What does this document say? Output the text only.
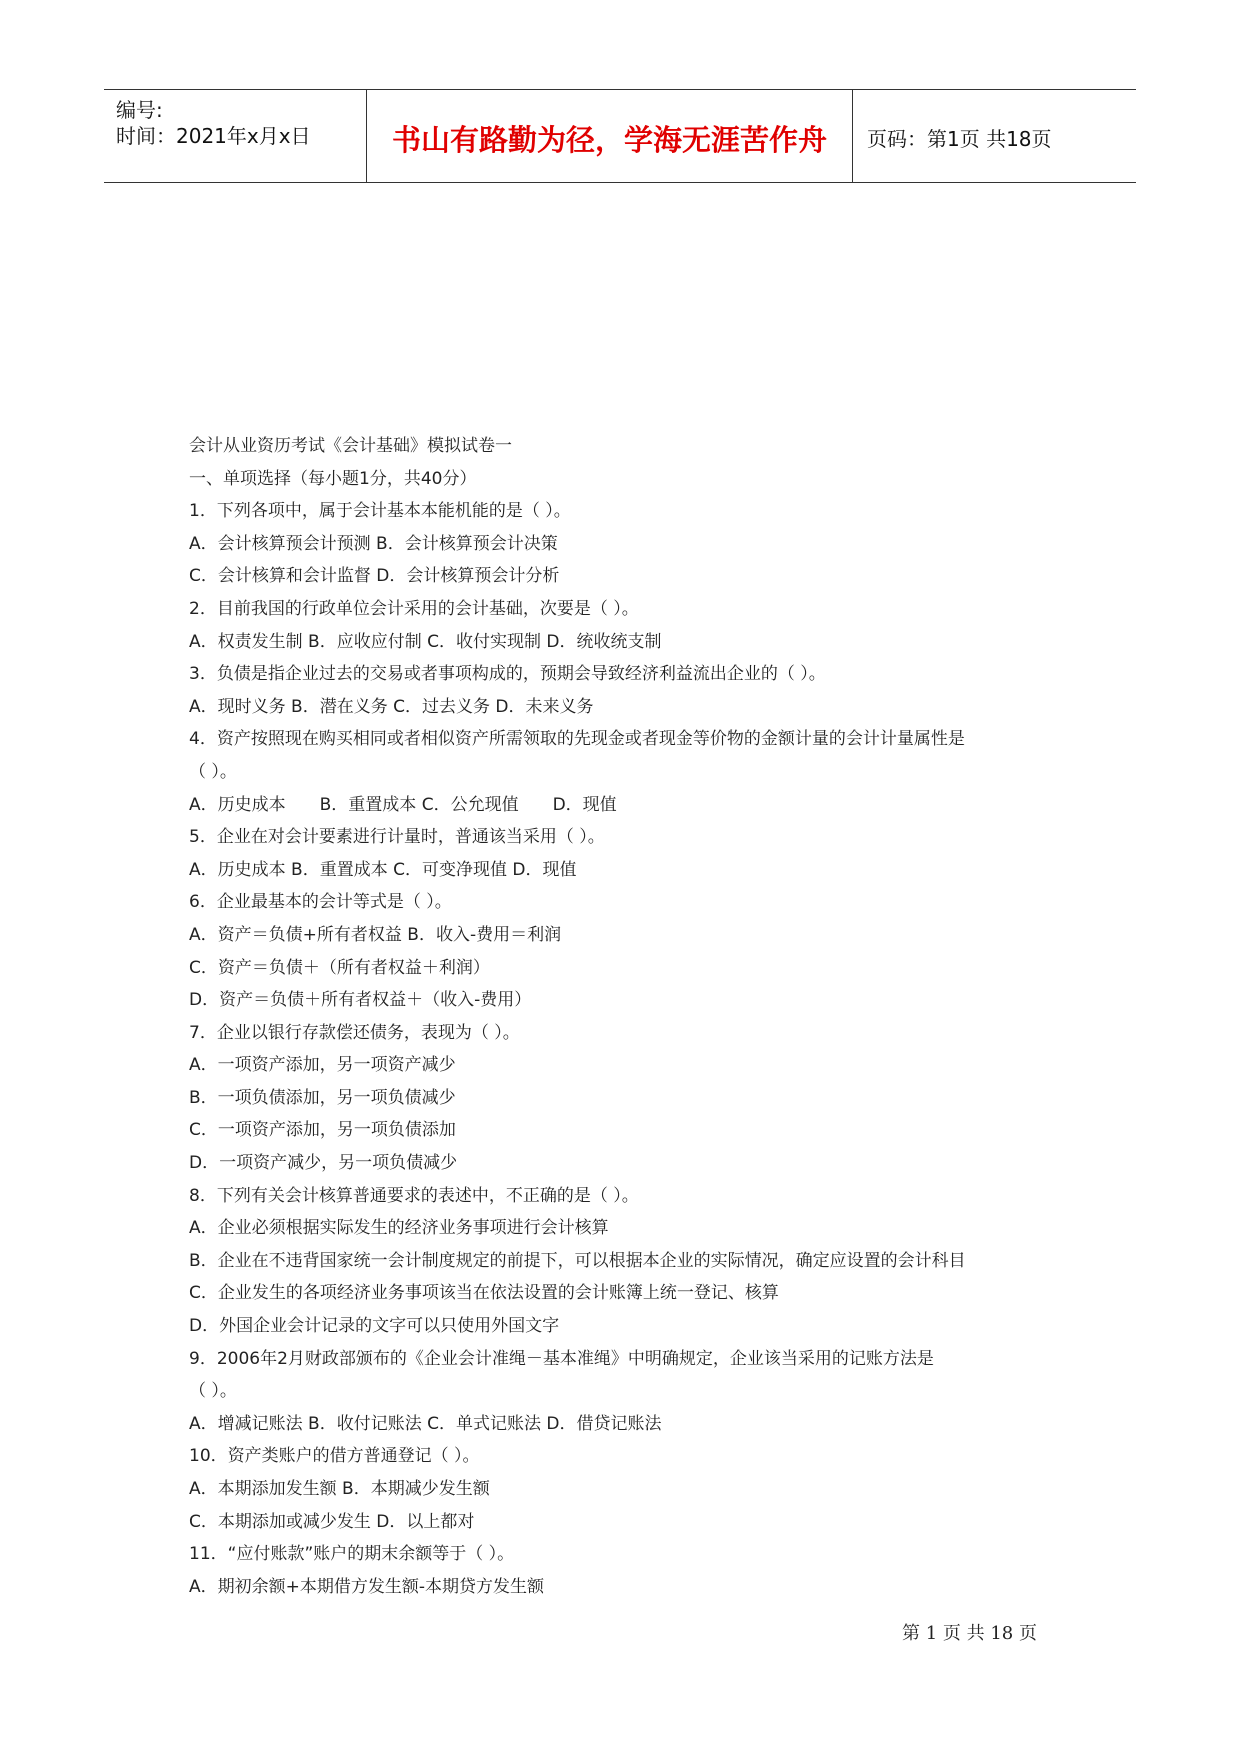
编号:
时间：2021年x月x日	书山有路勤为径，学海无涯苦作舟	页码：第1页 共18页
会计从业资历考试《会计基础》模拟试卷一
一、单项选择（每小题1分，共40分）
1．下列各项中，属于会计基本本能机能的是（ ）。
A．会计核算预会计预测 B．会计核算预会计决策
C．会计核算和会计监督 D．会计核算预会计分析
2．目前我国的行政单位会计采用的会计基础，次要是（ ）。
A．权责发生制 B．应收应付制 C．收付实现制 D．统收统支制
3．负债是指企业过去的交易或者事项构成的，预期会导致经济利益流出企业的（ ）。
A．现时义务 B．潜在义务 C．过去义务 D．未来义务
4．资产按照现在购买相同或者相似资产所需领取的先现金或者现金等价物的金额计量的会计计量属性是
（ ）。
A．历史成本　　B．重置成本 C．公允现值　　D．现值
5．企业在对会计要素进行计量时，普通该当采用（ ）。
A．历史成本 B．重置成本 C．可变净现值 D．现值
6．企业最基本的会计等式是（ ）。
A．资产＝负债+所有者权益 B．收入-费用＝利润
C．资产＝负债＋（所有者权益＋利润）
D．资产＝负债＋所有者权益＋（收入-费用）
7．企业以银行存款偿还债务，表现为（ ）。
A．一项资产添加，另一项资产减少
B．一项负债添加，另一项负债减少
C．一项资产添加，另一项负债添加
D．一项资产减少，另一项负债减少
8．下列有关会计核算普通要求的表述中，不正确的是（ ）。
A．企业必须根据实际发生的经济业务事项进行会计核算
B．企业在不违背国家统一会计制度规定的前提下，可以根据本企业的实际情况，确定应设置的会计科目
C．企业发生的各项经济业务事项该当在依法设置的会计账簿上统一登记、核算
D．外国企业会计记录的文字可以只使用外国文字
9．2006年2月财政部颁布的《企业会计准绳－基本准绳》中明确规定，企业该当采用的记账方法是
（ ）。
A．增减记账法 B．收付记账法 C．单式记账法 D．借贷记账法
10．资产类账户的借方普通登记（ ）。
A．本期添加发生额 B．本期减少发生额
C．本期添加或减少发生 D．以上都对
11．“应付账款”账户的期末余额等于（ ）。
A．期初余额+本期借方发生额-本期贷方发生额
第 1 页 共 18 页
